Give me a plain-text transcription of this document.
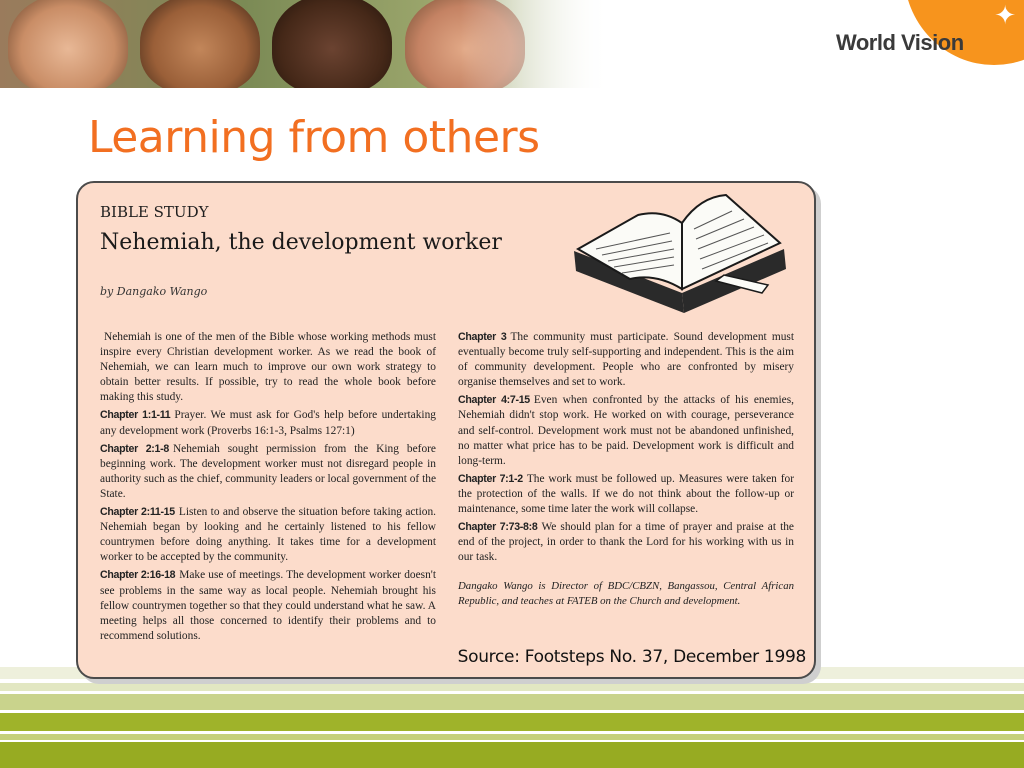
✦
World Vision
Learning from others
BIBLE STUDY
Nehemiah, the development worker
by Dangako Wango

Nehemiah is one of the men of the Bible whose working methods must inspire every Christian development worker. As we read the book of Nehemiah, we can learn much to improve our own work strategy to obtain better results. If possible, try to read the whole book before making this study.

Chapter 1:1-11 Prayer. We must ask for God's help before undertaking any development work (Proverbs 16:1-3, Psalms 127:1)

Chapter 2:1-8 Nehemiah sought permission from the King before beginning work. The development worker must not disregard people in authority such as the chief, community leaders or local government of the State.

Chapter 2:11-15 Listen to and observe the situation before taking action. Nehemiah began by looking and he certainly listened to his fellow countrymen before doing anything. It takes time for a development worker to be accepted by the community.

Chapter 2:16-18 Make use of meetings. The development worker doesn't see problems in the same way as local people. Nehemiah brought his fellow countrymen together so that they could understand what he saw. A meeting helps all those concerned to identify their problems and to recommend solutions.

Chapter 3 The community must participate. Sound development must eventually become truly self-supporting and independent. This is the aim of community development. People who are confronted by misery organise themselves and set to work.

Chapter 4:7-15 Even when confronted by the attacks of his enemies, Nehemiah didn't stop work. He worked on with courage, perseverance and self-control. Development work must not be abandoned unfinished, no matter what price has to be paid. Development work is difficult and long-term.

Chapter 7:1-2 The work must be followed up. Measures were taken for the protection of the walls. If we do not think about the follow-up or maintenance, some time later the work will collapse.

Chapter 7:73-8:8 We should plan for a time of prayer and praise at the end of the project, in order to thank the Lord for his working with us in our task.

Dangako Wango is Director of BDC/CBZN, Bangassou, Central African Republic, and teaches at FATEB on the Church and development.

Source: Footsteps No. 37, December 1998
